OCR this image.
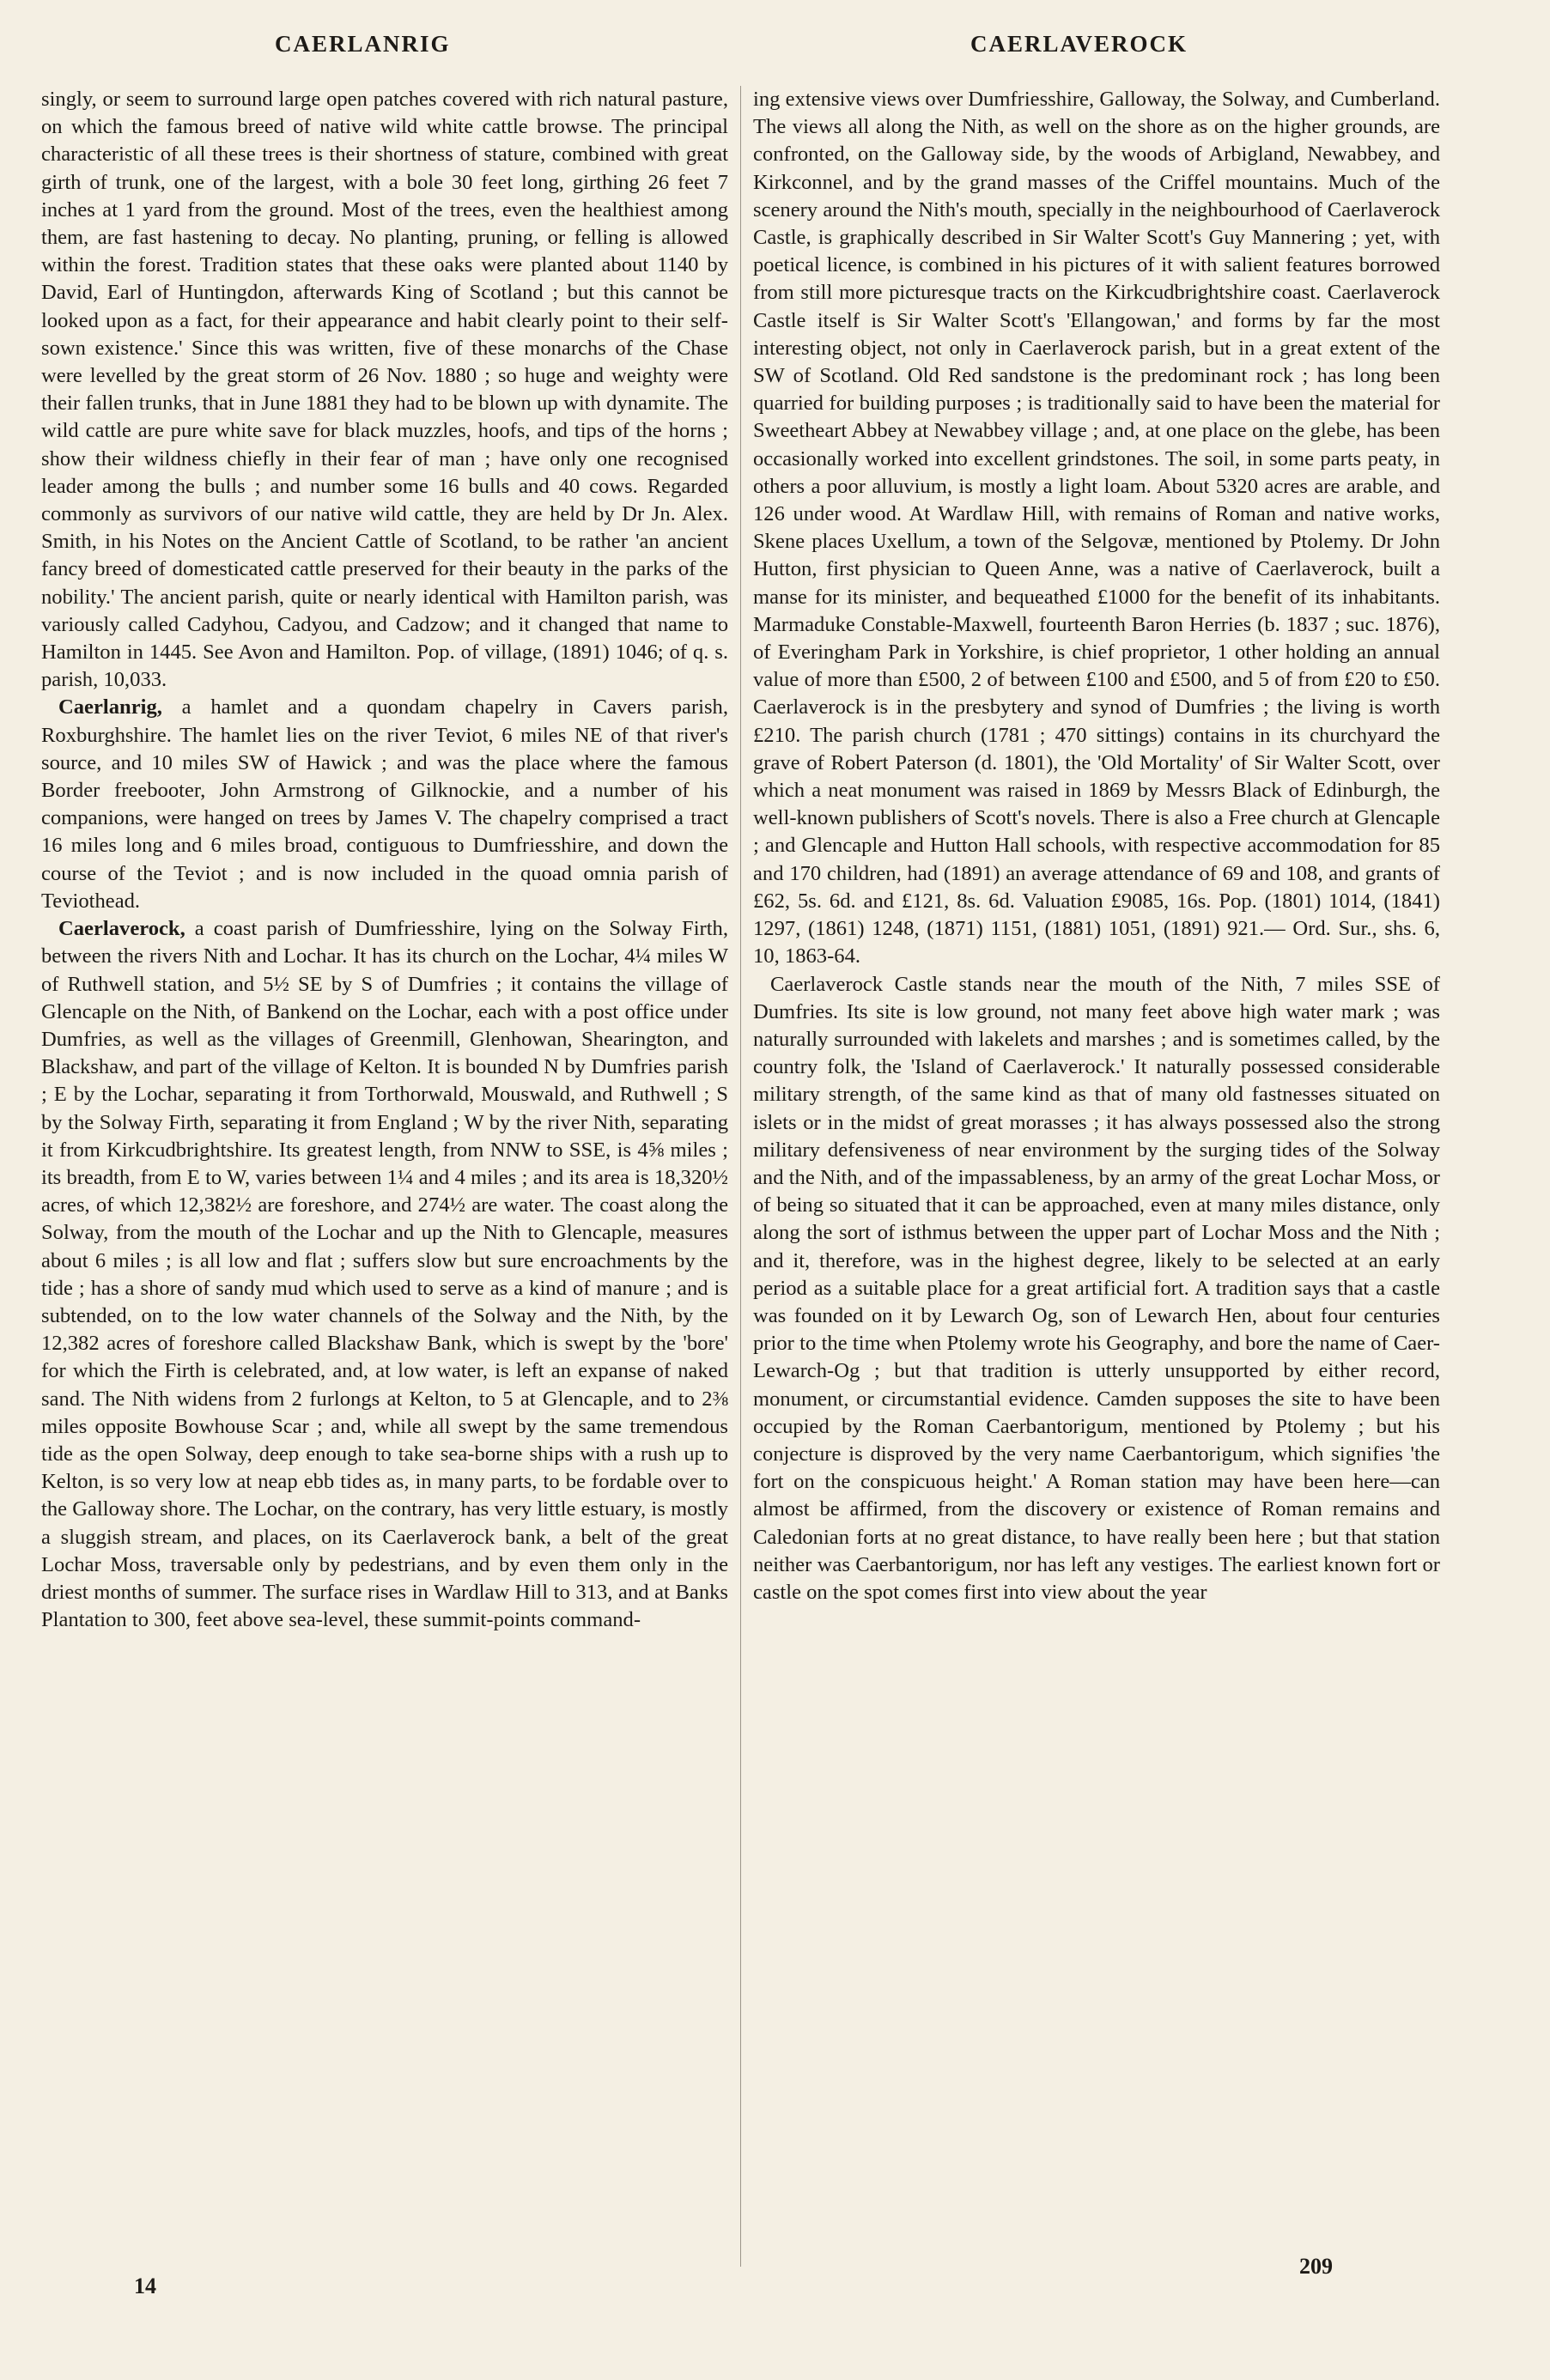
CAERLANRIG	CAERLAVEROCK

singly, or seem to surround large open patches covered with rich natural pasture, on which the famous breed of native wild white cattle browse. The principal characteristic of all these trees is their shortness of stature, combined with great girth of trunk, one of the largest, with a bole 30 feet long, girthing 26 feet 7 inches at 1 yard from the ground. Most of the trees, even the healthiest among them, are fast hastening to decay. No planting, pruning, or felling is allowed within the forest. Tradition states that these oaks were planted about 1140 by David, Earl of Huntingdon, afterwards King of Scotland ; but this cannot be looked upon as a fact, for their appearance and habit clearly point to their self-sown existence.' Since this was written, five of these monarchs of the Chase were levelled by the great storm of 26 Nov. 1880 ; so huge and weighty were their fallen trunks, that in June 1881 they had to be blown up with dynamite. The wild cattle are pure white save for black muzzles, hoofs, and tips of the horns ; show their wildness chiefly in their fear of man ; have only one recognised leader among the bulls ; and number some 16 bulls and 40 cows. Regarded commonly as survivors of our native wild cattle, they are held by Dr Jn. Alex. Smith, in his Notes on the Ancient Cattle of Scotland, to be rather 'an ancient fancy breed of domesticated cattle preserved for their beauty in the parks of the nobility.' The ancient parish, quite or nearly identical with Hamilton parish, was variously called Cadyhou, Cadyou, and Cadzow; and it changed that name to Hamilton in 1445. See Avon and Hamilton. Pop. of village, (1891) 1046; of q. s. parish, 10,033.

Caerlanrig, a hamlet and a quondam chapelry in Cavers parish, Roxburghshire. The hamlet lies on the river Teviot, 6 miles NE of that river's source, and 10 miles SW of Hawick ; and was the place where the famous Border freebooter, John Armstrong of Gilknockie, and a number of his companions, were hanged on trees by James V. The chapelry comprised a tract 16 miles long and 6 miles broad, contiguous to Dumfriesshire, and down the course of the Teviot ; and is now included in the quoad omnia parish of Teviothead.

Caerlaverock, a coast parish of Dumfriesshire, lying on the Solway Firth, between the rivers Nith and Lochar. It has its church on the Lochar, 4¼ miles W of Ruthwell station, and 5½ SE by S of Dumfries ; it contains the village of Glencaple on the Nith, of Bankend on the Lochar, each with a post office under Dumfries, as well as the villages of Greenmill, Glenhowan, Shearington, and Blackshaw, and part of the village of Kelton. It is bounded N by Dumfries parish ; E by the Lochar, separating it from Torthorwald, Mouswald, and Ruthwell ; S by the Solway Firth, separating it from England ; W by the river Nith, separating it from Kirkcudbrightshire. Its greatest length, from NNW to SSE, is 4⅝ miles ; its breadth, from E to W, varies between 1¼ and 4 miles ; and its area is 18,320½ acres, of which 12,382½ are foreshore, and 274½ are water. The coast along the Solway, from the mouth of the Lochar and up the Nith to Glencaple, measures about 6 miles ; is all low and flat ; suffers slow but sure encroachments by the tide ; has a shore of sandy mud which used to serve as a kind of manure ; and is subtended, on to the low water channels of the Solway and the Nith, by the 12,382 acres of foreshore called Blackshaw Bank, which is swept by the 'bore' for which the Firth is celebrated, and, at low water, is left an expanse of naked sand. The Nith widens from 2 furlongs at Kelton, to 5 at Glencaple, and to 2⅜ miles opposite Bowhouse Scar ; and, while all swept by the same tremendous tide as the open Solway, deep enough to take sea-borne ships with a rush up to Kelton, is so very low at neap ebb tides as, in many parts, to be fordable over to the Galloway shore. The Lochar, on the contrary, has very little estuary, is mostly a sluggish stream, and places, on its Caerlaverock bank, a belt of the great Lochar Moss, traversable only by pedestrians, and by even them only in the driest months of summer. The surface rises in Wardlaw Hill to 313, and at Banks Plantation to 300, feet above sea-level, these summit-points command-

ing extensive views over Dumfriesshire, Galloway, the Solway, and Cumberland. The views all along the Nith, as well on the shore as on the higher grounds, are confronted, on the Galloway side, by the woods of Arbigland, Newabbey, and Kirkconnel, and by the grand masses of the Criffel mountains. Much of the scenery around the Nith's mouth, specially in the neighbourhood of Caerlaverock Castle, is graphically described in Sir Walter Scott's Guy Mannering ; yet, with poetical licence, is combined in his pictures of it with salient features borrowed from still more picturesque tracts on the Kirkcudbrightshire coast. Caerlaverock Castle itself is Sir Walter Scott's 'Ellangowan,' and forms by far the most interesting object, not only in Caerlaverock parish, but in a great extent of the SW of Scotland. Old Red sandstone is the predominant rock ; has long been quarried for building purposes ; is traditionally said to have been the material for Sweetheart Abbey at Newabbey village ; and, at one place on the glebe, has been occasionally worked into excellent grindstones. The soil, in some parts peaty, in others a poor alluvium, is mostly a light loam. About 5320 acres are arable, and 126 under wood. At Wardlaw Hill, with remains of Roman and native works, Skene places Uxellum, a town of the Selgovæ, mentioned by Ptolemy. Dr John Hutton, first physician to Queen Anne, was a native of Caerlaverock, built a manse for its minister, and bequeathed £1000 for the benefit of its inhabitants. Marmaduke Constable-Maxwell, fourteenth Baron Herries (b. 1837 ; suc. 1876), of Everingham Park in Yorkshire, is chief proprietor, 1 other holding an annual value of more than £500, 2 of between £100 and £500, and 5 of from £20 to £50. Caerlaverock is in the presbytery and synod of Dumfries ; the living is worth £210. The parish church (1781 ; 470 sittings) contains in its churchyard the grave of Robert Paterson (d. 1801), the 'Old Mortality' of Sir Walter Scott, over which a neat monument was raised in 1869 by Messrs Black of Edinburgh, the well-known publishers of Scott's novels. There is also a Free church at Glencaple ; and Glencaple and Hutton Hall schools, with respective accommodation for 85 and 170 children, had (1891) an average attendance of 69 and 108, and grants of £62, 5s. 6d. and £121, 8s. 6d. Valuation £9085, 16s. Pop. (1801) 1014, (1841) 1297, (1861) 1248, (1871) 1151, (1881) 1051, (1891) 921.— Ord. Sur., shs. 6, 10, 1863-64.

Caerlaverock Castle stands near the mouth of the Nith, 7 miles SSE of Dumfries. Its site is low ground, not many feet above high water mark ; was naturally surrounded with lakelets and marshes ; and is sometimes called, by the country folk, the 'Island of Caerlaverock.' It naturally possessed considerable military strength, of the same kind as that of many old fastnesses situated on islets or in the midst of great morasses ; it has always possessed also the strong military defensiveness of near environment by the surging tides of the Solway and the Nith, and of the impassableness, by an army of the great Lochar Moss, or of being so situated that it can be approached, even at many miles distance, only along the sort of isthmus between the upper part of Lochar Moss and the Nith ; and it, therefore, was in the highest degree, likely to be selected at an early period as a suitable place for a great artificial fort. A tradition says that a castle was founded on it by Lewarch Og, son of Lewarch Hen, about four centuries prior to the time when Ptolemy wrote his Geography, and bore the name of Caer-Lewarch-Og ; but that tradition is utterly unsupported by either record, monument, or circumstantial evidence. Camden supposes the site to have been occupied by the Roman Caerbantorigum, mentioned by Ptolemy ; but his conjecture is disproved by the very name Caerbantorigum, which signifies 'the fort on the conspicuous height.' A Roman station may have been here—can almost be affirmed, from the discovery or existence of Roman remains and Caledonian forts at no great distance, to have really been here ; but that station neither was Caerbantorigum, nor has left any vestiges. The earliest known fort or castle on the spot comes first into view about the year

14
209
